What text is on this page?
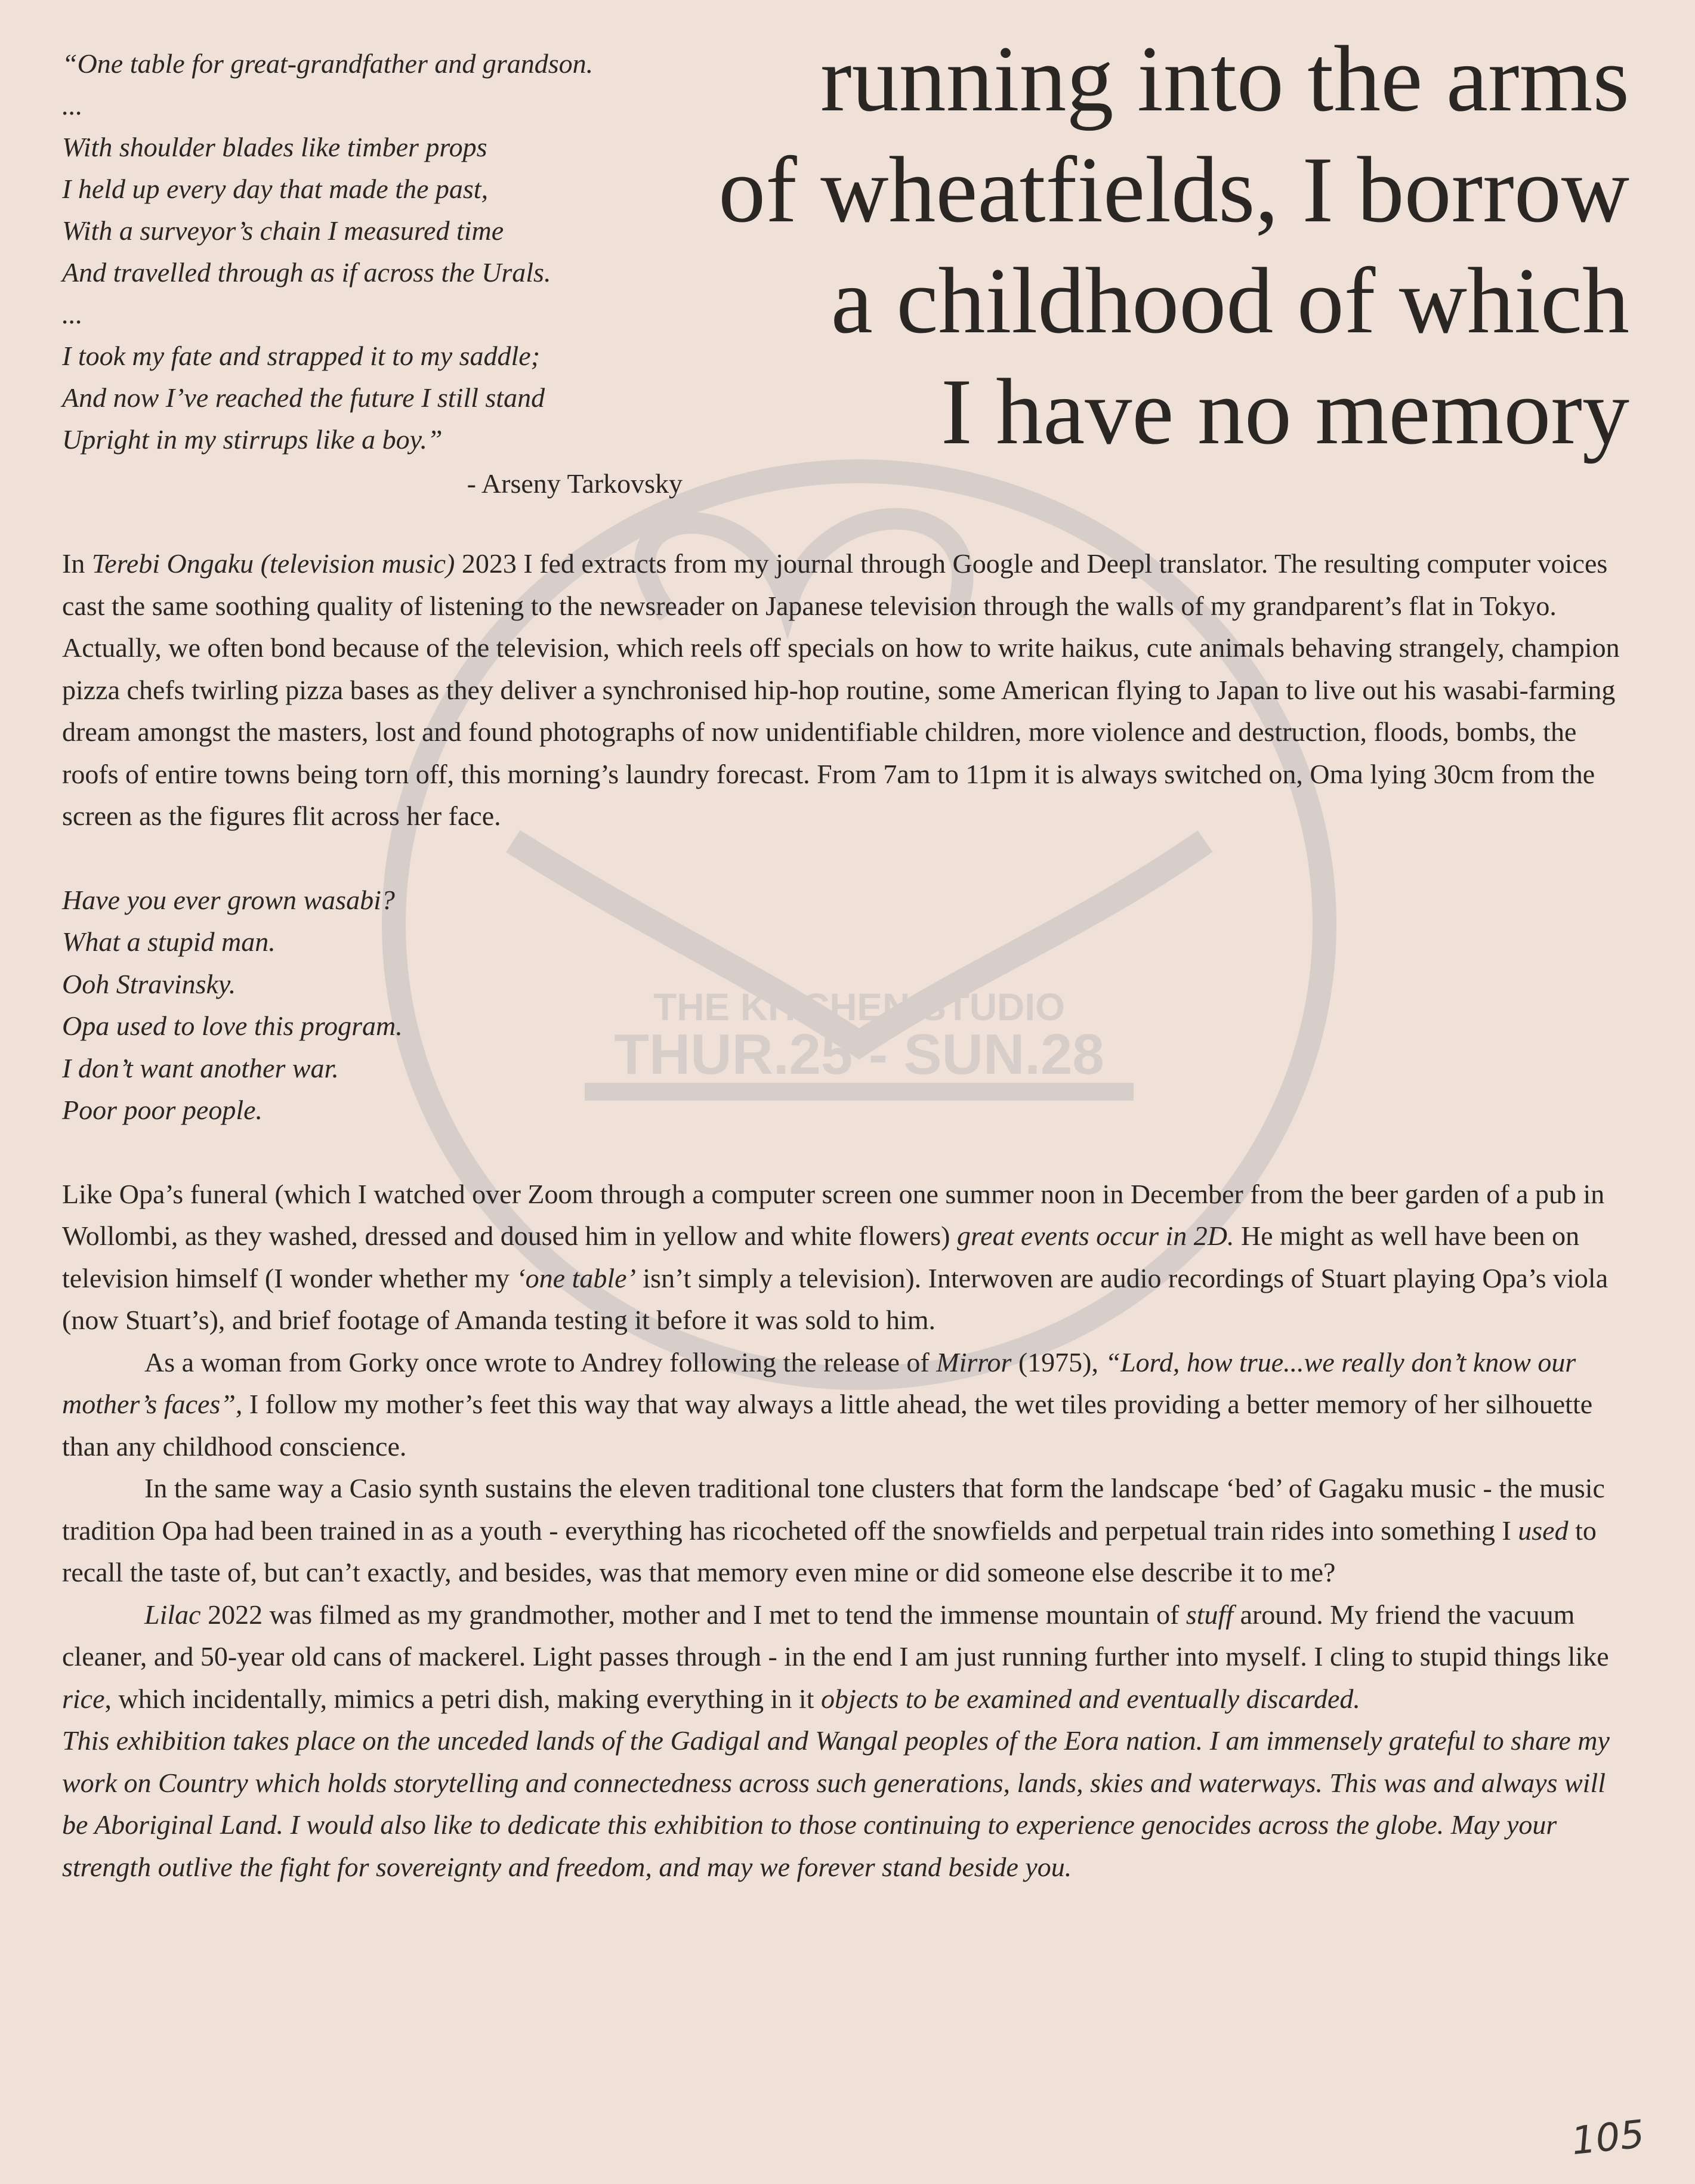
THE KITCHEN STUDIO
THUR.25 - SUN.28
“One table for great-grandfather and grandson.
...
With shoulder blades like timber props
I held up every day that made the past,
With a surveyor’s chain I measured time
And travelled through as if across the Urals.
...
I took my fate and strapped it to my saddle;
And now I’ve reached the future I still stand
Upright in my stirrups like a boy.”
- Arseny Tarkovsky
running into the arms
of wheatfields, I borrow
a childhood of which
I have no memory

In Terebi Ongaku (television music) 2023 I fed extracts from my journal through Google and Deepl translator. The resulting computer voices cast the same soothing quality of listening to the newsreader on Japanese television through the walls of my grandparent’s flat in Tokyo. Actually, we often bond because of the television, which reels off specials on how to write haikus, cute animals behaving strangely, champion pizza chefs twirling pizza bases as they deliver a synchronised hip-hop routine, some American flying to Japan to live out his wasabi-farming dream amongst the masters, lost and found photographs of now unidentifiable children, more violence and destruction, floods, bombs, the roofs of entire towns being torn off, this morning’s laundry forecast. From 7am to 11pm it is always switched on, Oma lying 30cm from the screen as the figures flit across her face.

Have you ever grown wasabi?
What a stupid man.
Ooh Stravinsky.
Opa used to love this program.
I don’t want another war.
Poor poor people.

Like Opa’s funeral (which I watched over Zoom through a computer screen one summer noon in December from the beer garden of a pub in Wollombi, as they washed, dressed and doused him in yellow and white flowers) great events occur in 2D. He might as well have been on television himself (I wonder whether my ‘one table’ isn’t simply a television). Interwoven are audio recordings of Stuart playing Opa’s viola (now Stuart’s), and brief footage of Amanda testing it before it was sold to him.

As a woman from Gorky once wrote to Andrey following the release of Mirror (1975), “Lord, how true...we really don’t know our mother’s faces”, I follow my mother’s feet this way that way always a little ahead, the wet tiles providing a better memory of her silhouette than any childhood conscience.

In the same way a Casio synth sustains the eleven traditional tone clusters that form the landscape ‘bed’ of Gagaku music - the music tradition Opa had been trained in as a youth - everything has ricocheted off the snowfields and perpetual train rides into something I used to recall the taste of, but can’t exactly, and besides, was that memory even mine or did someone else describe it to me?

Lilac 2022 was filmed as my grandmother, mother and I met to tend the immense mountain of stuff around. My friend the vacuum cleaner, and 50-year old cans of mackerel. Light passes through - in the end I am just running further into myself. I cling to stupid things like rice, which incidentally, mimics a petri dish, making everything in it objects to be examined and eventually discarded.

This exhibition takes place on the unceded lands of the Gadigal and Wangal peoples of the Eora nation. I am immensely grateful to share my work on Country which holds storytelling and connectedness across such generations, lands, skies and waterways. This was and always will be Aboriginal Land. I would also like to dedicate this exhibition to those continuing to experience genocides across the globe. May your strength outlive the fight for sovereignty and freedom, and may we forever stand beside you.

105
